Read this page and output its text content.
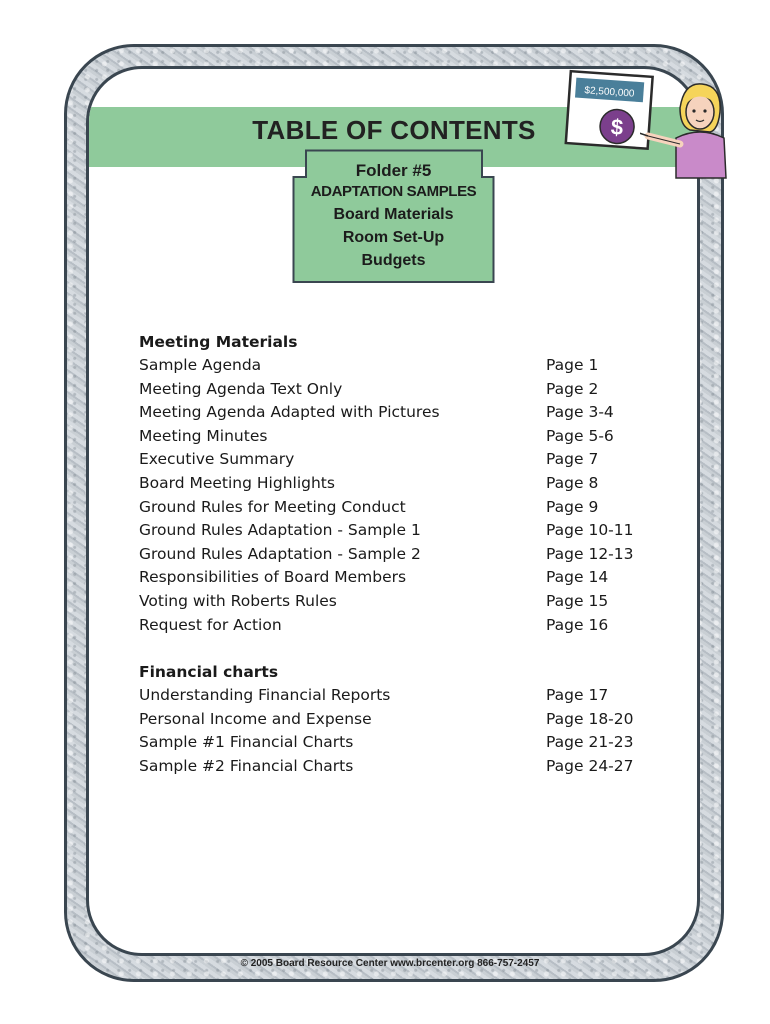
TABLE OF CONTENTS
Folder #5
ADAPTATION SAMPLES
Board Materials
Room Set-Up
Budgets
$2,500,000
$
Meeting Materials
Sample Agenda	Page 1
Meeting Agenda Text Only	Page 2
Meeting Agenda Adapted with Pictures	Page 3-4
Meeting Minutes	Page 5-6
Executive Summary	Page 7
Board Meeting Highlights	Page 8
Ground Rules for Meeting Conduct	Page 9
Ground Rules Adaptation - Sample 1	Page 10-11
Ground Rules Adaptation - Sample 2	Page 12-13
Responsibilities of Board Members	Page 14
Voting with Roberts Rules	Page 15
Request for Action	Page 16
Financial charts
Understanding Financial Reports	Page 17
Personal Income and Expense	Page 18-20
Sample #1 Financial Charts	Page 21-23
Sample #2 Financial Charts	Page 24-27
© 2005 Board Resource Center www.brcenter.org 866-757-2457
